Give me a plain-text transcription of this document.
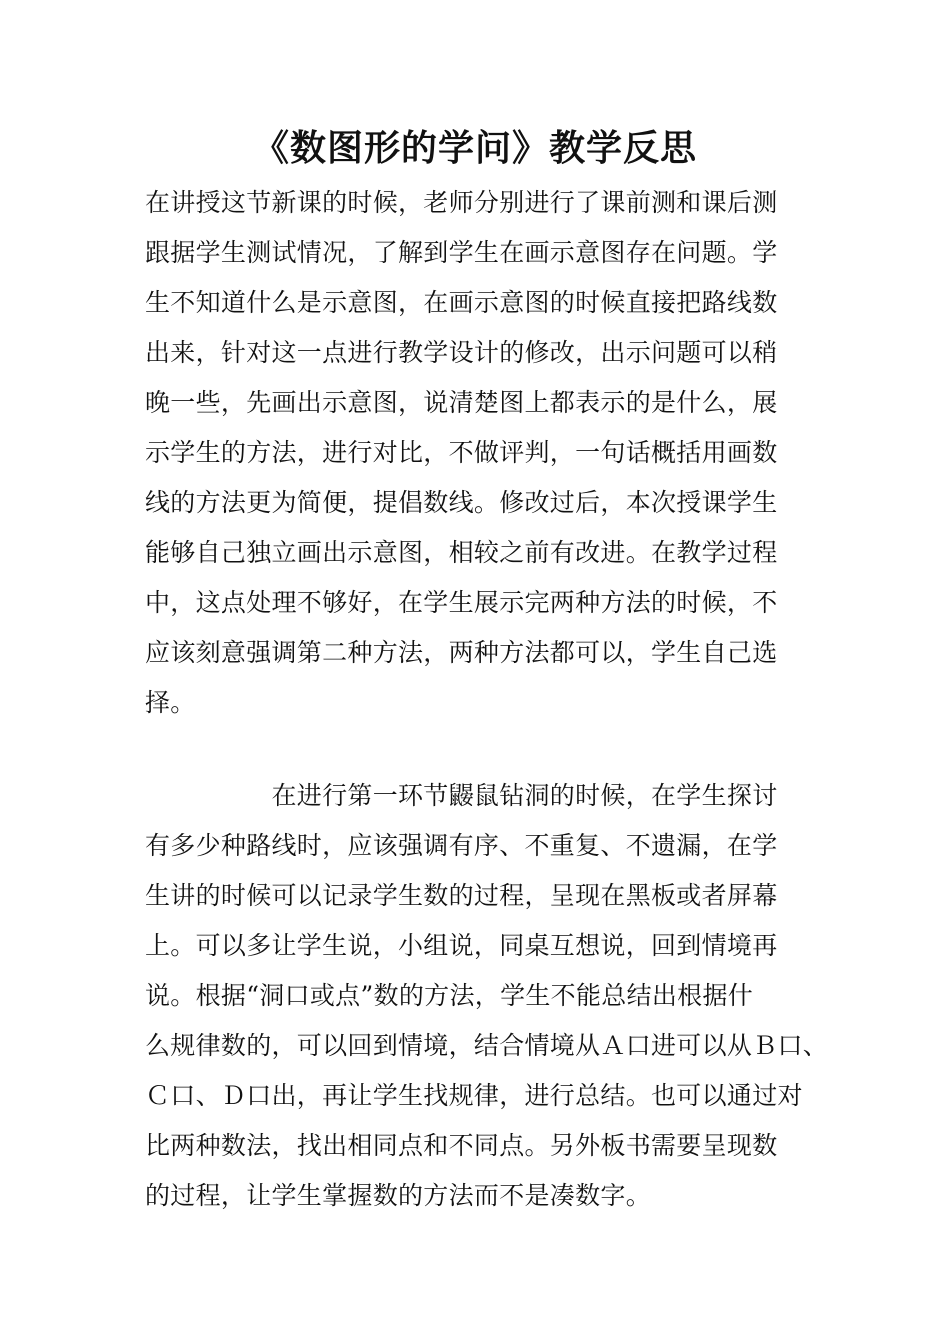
《数图形的学问》教学反思
在讲授这节新课的时候，老师分别进行了课前测和课后测
跟据学生测试情况，了解到学生在画示意图存在问题。学
生不知道什么是示意图，在画示意图的时候直接把路线数
出来，针对这一点进行教学设计的修改，出示问题可以稍
晚一些，先画出示意图，说清楚图上都表示的是什么，展
示学生的方法，进行对比，不做评判，一句话概括用画数
线的方法更为简便，提倡数线。修改过后，本次授课学生
能够自己独立画出示意图，相较之前有改进。在教学过程
中，这点处理不够好，在学生展示完两种方法的时候，不
应该刻意强调第二种方法，两种方法都可以，学生自己选
择。
　　　　　在进行第一环节鼹鼠钻洞的时候，在学生探讨
有多少种路线时，应该强调有序、不重复、不遗漏，在学
生讲的时候可以记录学生数的过程，呈现在黑板或者屏幕
上。可以多让学生说，小组说，同桌互想说，回到情境再
说。根据“洞口或点”数的方法，学生不能总结出根据什
么规律数的，可以回到情境，结合情境从Ａ口进可以从Ｂ口、
Ｃ口、Ｄ口出，再让学生找规律，进行总结。也可以通过对
比两种数法，找出相同点和不同点。另外板书需要呈现数
的过程，让学生掌握数的方法而不是凑数字。
